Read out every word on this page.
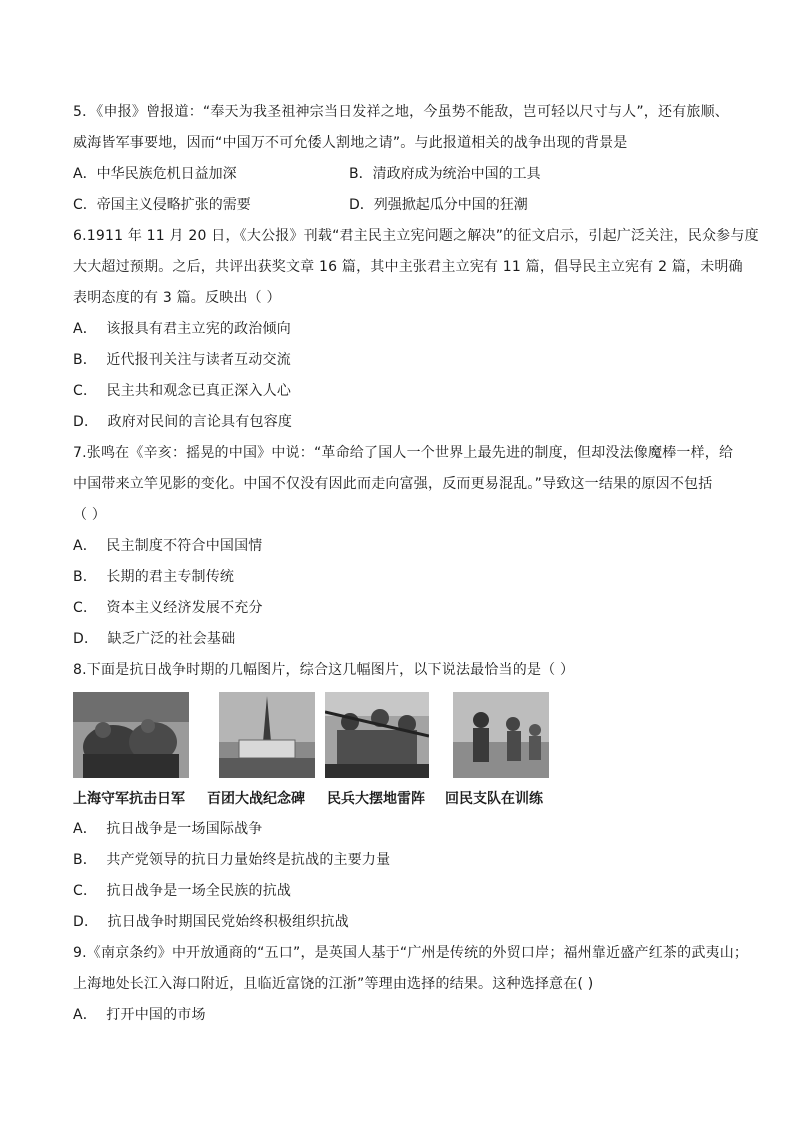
5．《申报》曾报道：“奉天为我圣祖神宗当日发祥之地，今虽势不能敌，岂可轻以尺寸与人”，还有旅顺、
威海皆军事要地，因而“中国万不可允倭人割地之请”。与此报道相关的战争出现的背景是
A．中华民族危机日益加深	B．清政府成为统治中国的工具
C．帝国主义侵略扩张的需要	D．列强掀起瓜分中国的狂潮
6.1911 年 11 月 20 日，《大公报》刊载“君主民主立宪问题之解决”的征文启示，引起广泛关注，民众参与度
大大超过预期。之后，共评出获奖文章 16 篇，其中主张君主立宪有 11 篇，倡导民主立宪有 2 篇，未明确
表明态度的有 3 篇。反映出（ ）
A． 该报具有君主立宪的政治倾向
B． 近代报刊关注与读者互动交流
C． 民主共和观念已真正深入人心
D． 政府对民间的言论具有包容度
7.张鸣在《辛亥：摇晃的中国》中说：“革命给了国人一个世界上最先进的制度，但却没法像魔棒一样，给
中国带来立竿见影的变化。中国不仅没有因此而走向富强，反而更易混乱。”导致这一结果的原因不包括
（ ）
A． 民主制度不符合中国国情
B． 长期的君主专制传统
C． 资本主义经济发展不充分
D． 缺乏广泛的社会基础
8.下面是抗日战争时期的几幅图片，综合这几幅图片，以下说法最恰当的是（ ）
上海守军抗击日军 百团大战纪念碑 民兵大摆地雷阵 回民支队在训练
A． 抗日战争是一场国际战争
B． 共产党领导的抗日力量始终是抗战的主要力量
C． 抗日战争是一场全民族的抗战
D． 抗日战争时期国民党始终积极组织抗战
9.《南京条约》中开放通商的“五口”，是英国人基于“广州是传统的外贸口岸；福州靠近盛产红茶的武夷山；
上海地处长江入海口附近，且临近富饶的江浙”等理由选择的结果。这种选择意在( )
A． 打开中国的市场
